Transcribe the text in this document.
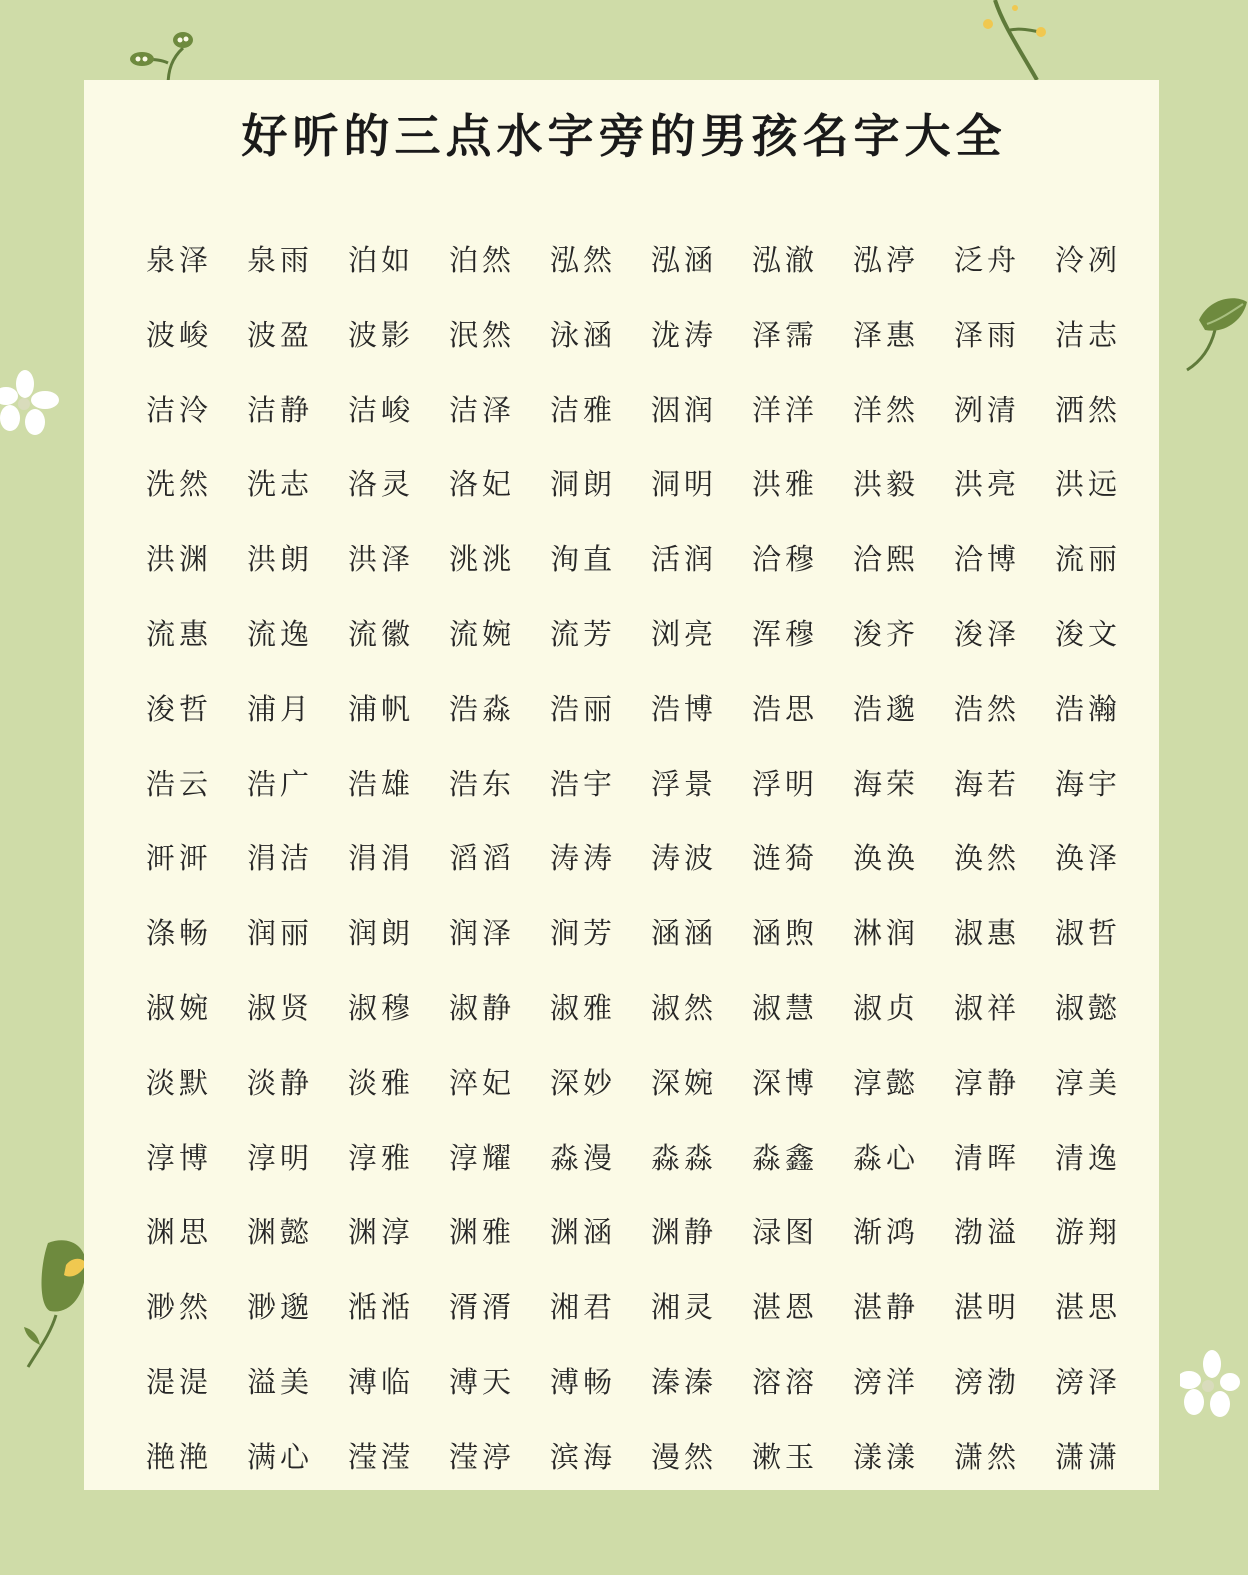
好听的三点水字旁的男孩名字大全
泉泽	泉雨	泊如	泊然	泓然	泓涵	泓澈	泓渟	泛舟	泠冽
波峻	波盈	波影	泯然	泳涵	泷涛	泽霈	泽惠	泽雨	洁志
洁泠	洁静	洁峻	洁泽	洁雅	洇润	洋洋	洋然	洌清	洒然
洗然	洗志	洛灵	洛妃	洞朗	洞明	洪雅	洪毅	洪亮	洪远
洪渊	洪朗	洪泽	洮洮	洵直	活润	洽穆	洽熙	洽博	流丽
流惠	流逸	流徽	流婉	流芳	浏亮	浑穆	浚齐	浚泽	浚文
浚哲	浦月	浦帆	浩淼	浩丽	浩博	浩思	浩邈	浩然	浩瀚
浩云	浩广	浩雄	浩东	浩宇	浮景	浮明	海荣	海若	海宇
涆涆	涓洁	涓涓	滔滔	涛涛	涛波	涟猗	涣涣	涣然	涣泽
涤畅	润丽	润朗	润泽	涧芳	涵涵	涵煦	淋润	淑惠	淑哲
淑婉	淑贤	淑穆	淑静	淑雅	淑然	淑慧	淑贞	淑祥	淑懿
淡默	淡静	淡雅	淬妃	深妙	深婉	深博	淳懿	淳静	淳美
淳博	淳明	淳雅	淳耀	淼漫	淼淼	淼鑫	淼心	清晖	清逸
渊思	渊懿	渊淳	渊雅	渊涵	渊静	渌图	渐鸿	渤溢	游翔
渺然	渺邈	湉湉	湑湑	湘君	湘灵	湛恩	湛静	湛明	湛思
湜湜	溢美	溥临	溥天	溥畅	溱溱	溶溶	滂洋	滂渤	滂泽
滟滟	满心	滢滢	滢渟	滨海	漫然	漱玉	漾漾	潇然	潇潇
